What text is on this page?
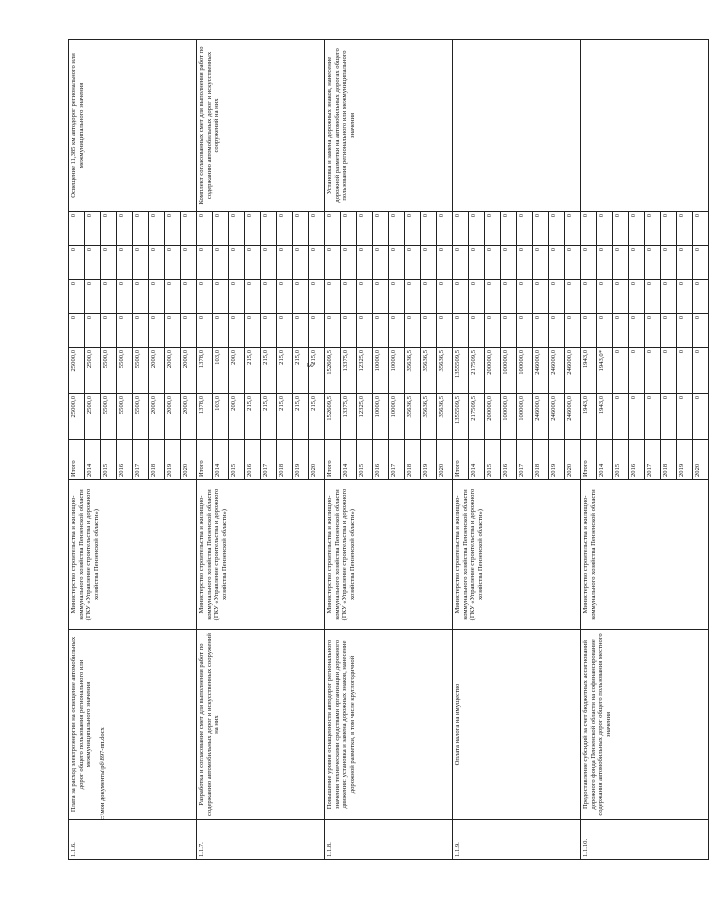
3
1.1.6.	Плата за расход электроэнергии на освещение автомобильных дорог общего пользования регионального или межмуниципального значения	Министерство строительства и жилищно-коммунального хозяйства Пензенской области (ГКУ «Управление строительства и дорожного хозяйства Пензенской области»)	Итого	25000,0	25000,0	0	0	0	0	Освещение 11,385 км автодорог регионального или межмуниципального значения
			2014	2500,0	2500,0	0	0	0	0	
			2015	5500,0	5500,0	0	0	0	0	
			2016	5500,0	5500,0	0	0	0	0	
			2017	5500,0	5500,0	0	0	0	0	
			2018	2000,0	2000,0	0	0	0	0	
			2019	2000,0	2000,0	0	0	0	0	
			2020	2000,0	2000,0	0	0	0	0	
1.1.7.	Разработка и согласование смет для выполнения работ по содержанию автомобильных дорог и искусственных сооружений на них	Министерство строительства и жилищно-коммунального хозяйства Пензенской области (ГКУ «Управление строительства и дорожного хозяйства Пензенской области»)	Итого	1378,0	1378,0	0	0	0	0	Комплект согласованных смет для выполнения работ по содержанию автомобильных дорог и искусственных сооружений на них
			2014	103,0	103,0	0	0	0	0	
			2015	200,0	200,0	0	0	0	0	
			2016	215,0	215,0	0	0	0	0	
			2017	215,0	215,0	0	0	0	0	
			2018	215,0	215,0	0	0	0	0	
			2019	215,0	215,0	0	0	0	0	
			2020	215,0	215,0	0	0	0	0	
1.1.8.	Повышение уровня оснащенности автодорог регионального значения техническими средствами организации дорожного движения: установка и замена дорожных знаков, нанесение дорожной разметки, в том числе круглогодичной	Министерство строительства и жилищно-коммунального хозяйства Пензенской области (ГКУ «Управление строительства и дорожного хозяйства Пензенской области»)	Итого	152609,5	152609,5	0	0	0	0	Установка и замена дорожных знаков, нанесение дорожной разметки на автомобильных дорогах общего пользования регионального или межмуниципального значения
			2014	13375,0	13375,0	0	0	0	0	
			2015	12325,0	12325,0	0	0	0	0	
			2016	10000,0	10000,0	0	0	0	0	
			2017	10000,0	10000,0	0	0	0	0	
			2018	35636,5	35636,5	0	0	0	0	
			2019	35636,5	35636,5	0	0	0	0	
			2020	35636,5	35636,5	0	0	0	0	
1.1.9.	Оплата налога на имущество	Министерство строительства и жилищно-коммунального хозяйства Пензенской области (ГКУ «Управление строительства и дорожного хозяйства Пензенской области»)	Итого	1355509,5	1355509,5	0	0	0	0	
			2014	217509,5	217509,5	0	0	0	0	
			2015	200000,0	200000,0	0	0	0	0	
			2016	100000,0	100000,0	0	0	0	0	
			2017	100000,0	100000,0	0	0	0	0	
			2018	246000,0	246000,0	0	0	0	0	
			2019	246000,0	246000,0	0	0	0	0	
			2020	246000,0	246000,0	0	0	0	0	
1.1.10.	Предоставление субсидий за счет бюджетных ассигнований дорожного фонда Пензенской области на софинансирование содержания автомобильных дорог общего пользования местного значения	Министерство строительства и жилищно-коммунального хозяйства Пензенской области	Итого	1943,0	1943,0	0	0	0	0	
			2014	1943,0	1943,0*	0	0	0	0	
			2015	0	0	0	0	0	0	
			2016	0	0	0	0	0	0	
			2017	0	0	0	0	0	0	
			2018	0	0	0	0	0	0	
			2019	0	0	0	0	0	0	
			2020	0	0	0	0	0	0	
c:\мои документы\рб\897-пп.docx
